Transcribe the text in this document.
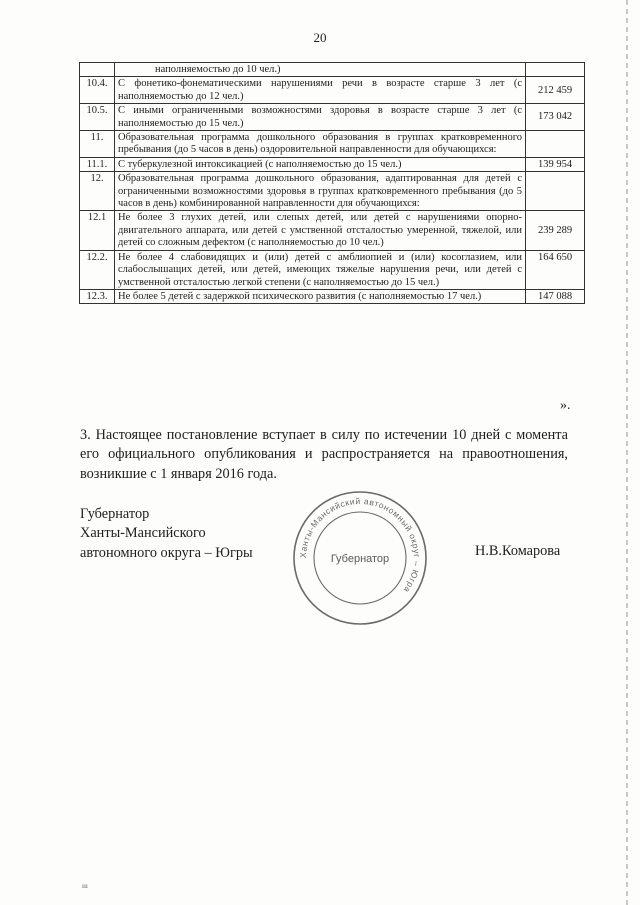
20
	наполняемостью до 10 чел.)	
10.4.	С фонетико-фонематическими нарушениями речи в возрасте старше 3 лет (с наполняемостью до 12 чел.)	212 459
10.5.	С иными ограниченными возможностями здоровья в возрасте старше 3 лет (с наполняемостью до 15 чел.)	173 042
11.	Образовательная программа дошкольного образования в группах кратковременного пребывания (до 5 часов в день) оздоровительной направленности для обучающихся:	
11.1.	С туберкулезной интоксикацией (с наполняемостью до 15 чел.)	139 954
12.	Образовательная программа дошкольного образования, адаптированная для детей с ограниченными возможностями здоровья в группах кратковременного пребывания (до 5 часов в день) комбинированной направленности для обучающихся:	
12.1	Не более 3 глухих детей, или слепых детей, или детей с нарушениями опорно-двигательного аппарата, или детей с умственной отсталостью умеренной, тяжелой, или детей со сложным дефектом (с наполняемостью до 10 чел.)	239 289
12.2.	Не более 4 слабовидящих и (или) детей с амблиопией и (или) косоглазием, или слабослышащих детей, или детей, имеющих тяжелые нарушения речи, или детей с умственной отсталостью легкой степени (с наполняемостью до 15 чел.)	164 650
12.3.	Не более 5 детей с задержкой психического развития (с наполняемостью 17 чел.)	147 088
».
3. Настоящее постановление вступает в силу по истечении 10 дней с момента его официального опубликования и распространяется на правоотношения, возникшие с 1 января 2016 года.
Губернатор
Ханты-Мансийского
автономного округа – Югры	Ханты-Мансийский автономный округ – Югра
Губернатор	Н.В.Комарова
ııı
